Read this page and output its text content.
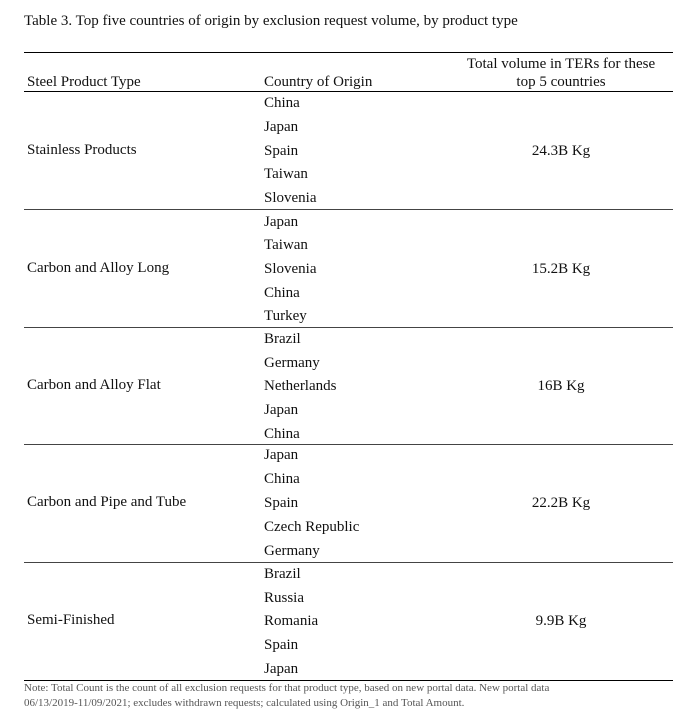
Table 3. Top five countries of origin by exclusion request volume, by product type
Steel Product Type	Country of Origin
Total volume in TERs for these
top 5 countries
Stainless Products
China
Japan
Spain
Taiwan
Slovenia
24.3B Kg
Carbon and Alloy Long
Japan
Taiwan
Slovenia
China
Turkey
15.2B Kg
Carbon and Alloy Flat
Brazil
Germany
Netherlands
Japan
China
16B Kg
Carbon and Pipe and Tube
Japan
China
Spain
Czech Republic
Germany
22.2B Kg
Semi-Finished
Brazil
Russia
Romania
Spain
Japan
9.9B Kg
Note: Total Count is the count of all exclusion requests for that product type, based on new portal data. New portal data
06/13/2019-11/09/2021; excludes withdrawn requests; calculated using Origin_1 and Total Amount.
